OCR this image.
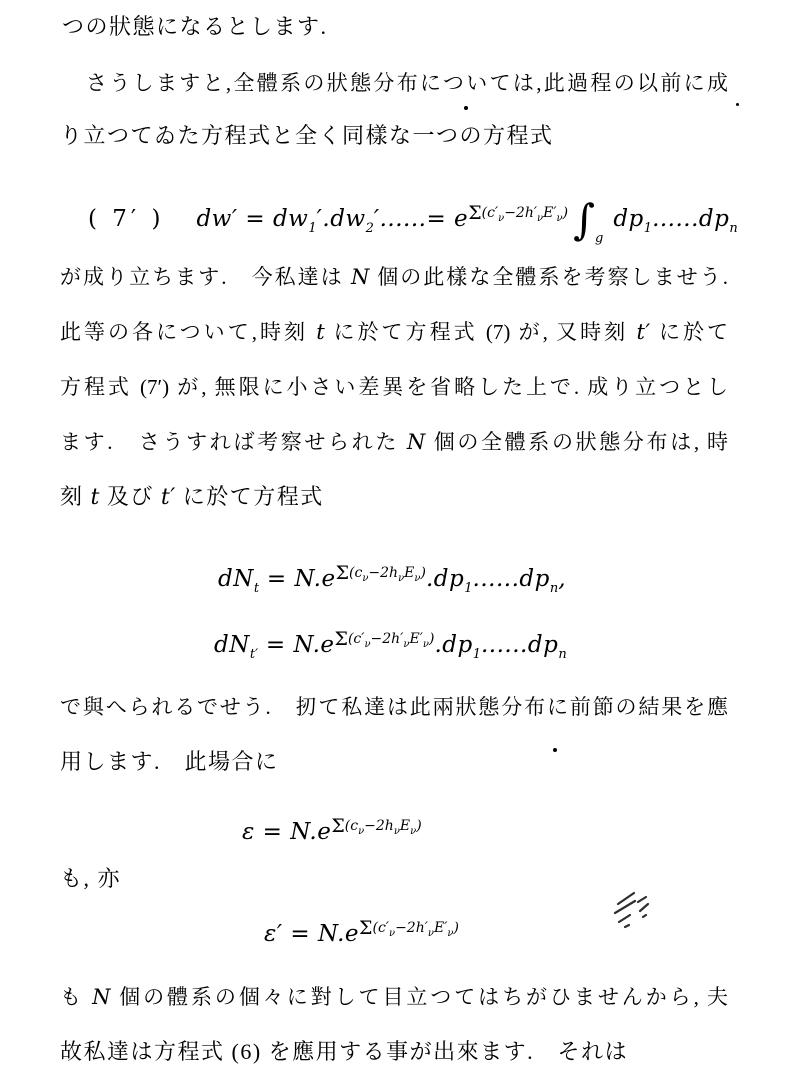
つの狀態になるとします.
さうしますと,全體系の狀態分布については,此過程の以前に成
り立つてゐた方程式と全く同樣な一つの方程式
( 7′ ) $dw' = dw_1'.dw_2'......= e^{\Sigma(c'\nu-2h'\nu E'\nu)}$ $\int_gdp_1......dp_n$
が成り立ちます.　今私達は N 個の此樣な全體系を考察しませう.
此等の各について,時刻 t に於て方程式 (7) が, 又時刻 t′ に於て
方程式 (7′) が, 無限に小さい差異を省略した上で. 成り立つとし
ます.　さうすれば考察せられた N 個の全體系の狀態分布は, 時
刻 t 及び t′ に於て方程式
$dN_t = N.e^{\Sigma(c\nu-2h\nu E\nu)}.dp_1......dp_n$,
$dN_{t'} = N.e^{\Sigma(c'\nu-2h'\nu E'\nu)}.dp_1......dp_n$
で與へられるでせう.　扨て私達は此兩狀態分布に前節の結果を應
用します.　此場合に
$\varepsilon = N.e^{\Sigma(c\nu-2h\nu E\nu)}$
も, 亦
$\varepsilon' = N.e^{\Sigma(c'\nu-2h'\nu E'\nu)}$
も N 個の體系の個々に對して目立つてはちがひませんから, 夫
故私達は方程式 (6) を應用する事が出來ます.　それは
